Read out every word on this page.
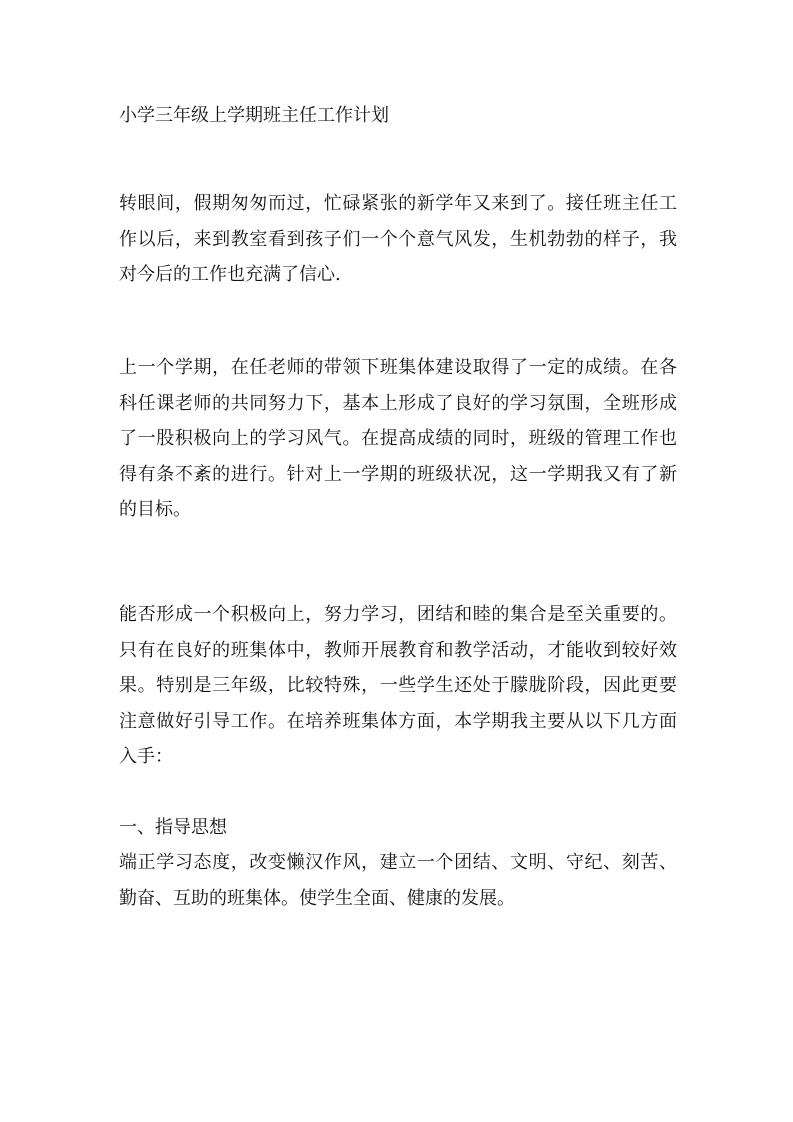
小学三年级上学期班主任工作计划
转眼间，假期匆匆而过，忙碌紧张的新学年又来到了。接任班主任工
作以后，来到教室看到孩子们一个个意气风发，生机勃勃的样子，我
对今后的工作也充满了信心.
上一个学期，在任老师的带领下班集体建设取得了一定的成绩。在各
科任课老师的共同努力下，基本上形成了良好的学习氛围，全班形成
了一股积极向上的学习风气。在提高成绩的同时，班级的管理工作也
得有条不紊的进行。针对上一学期的班级状况，这一学期我又有了新
的目标。
能否形成一个积极向上，努力学习，团结和睦的集合是至关重要的。
只有在良好的班集体中，教师开展教育和教学活动，才能收到较好效
果。特别是三年级，比较特殊，一些学生还处于朦胧阶段，因此更要
注意做好引导工作。在培养班集体方面，本学期我主要从以下几方面
入手：
一、指导思想
端正学习态度，改变懒汉作风，建立一个团结、文明、守纪、刻苦、
勤奋、互助的班集体。使学生全面、健康的发展。
